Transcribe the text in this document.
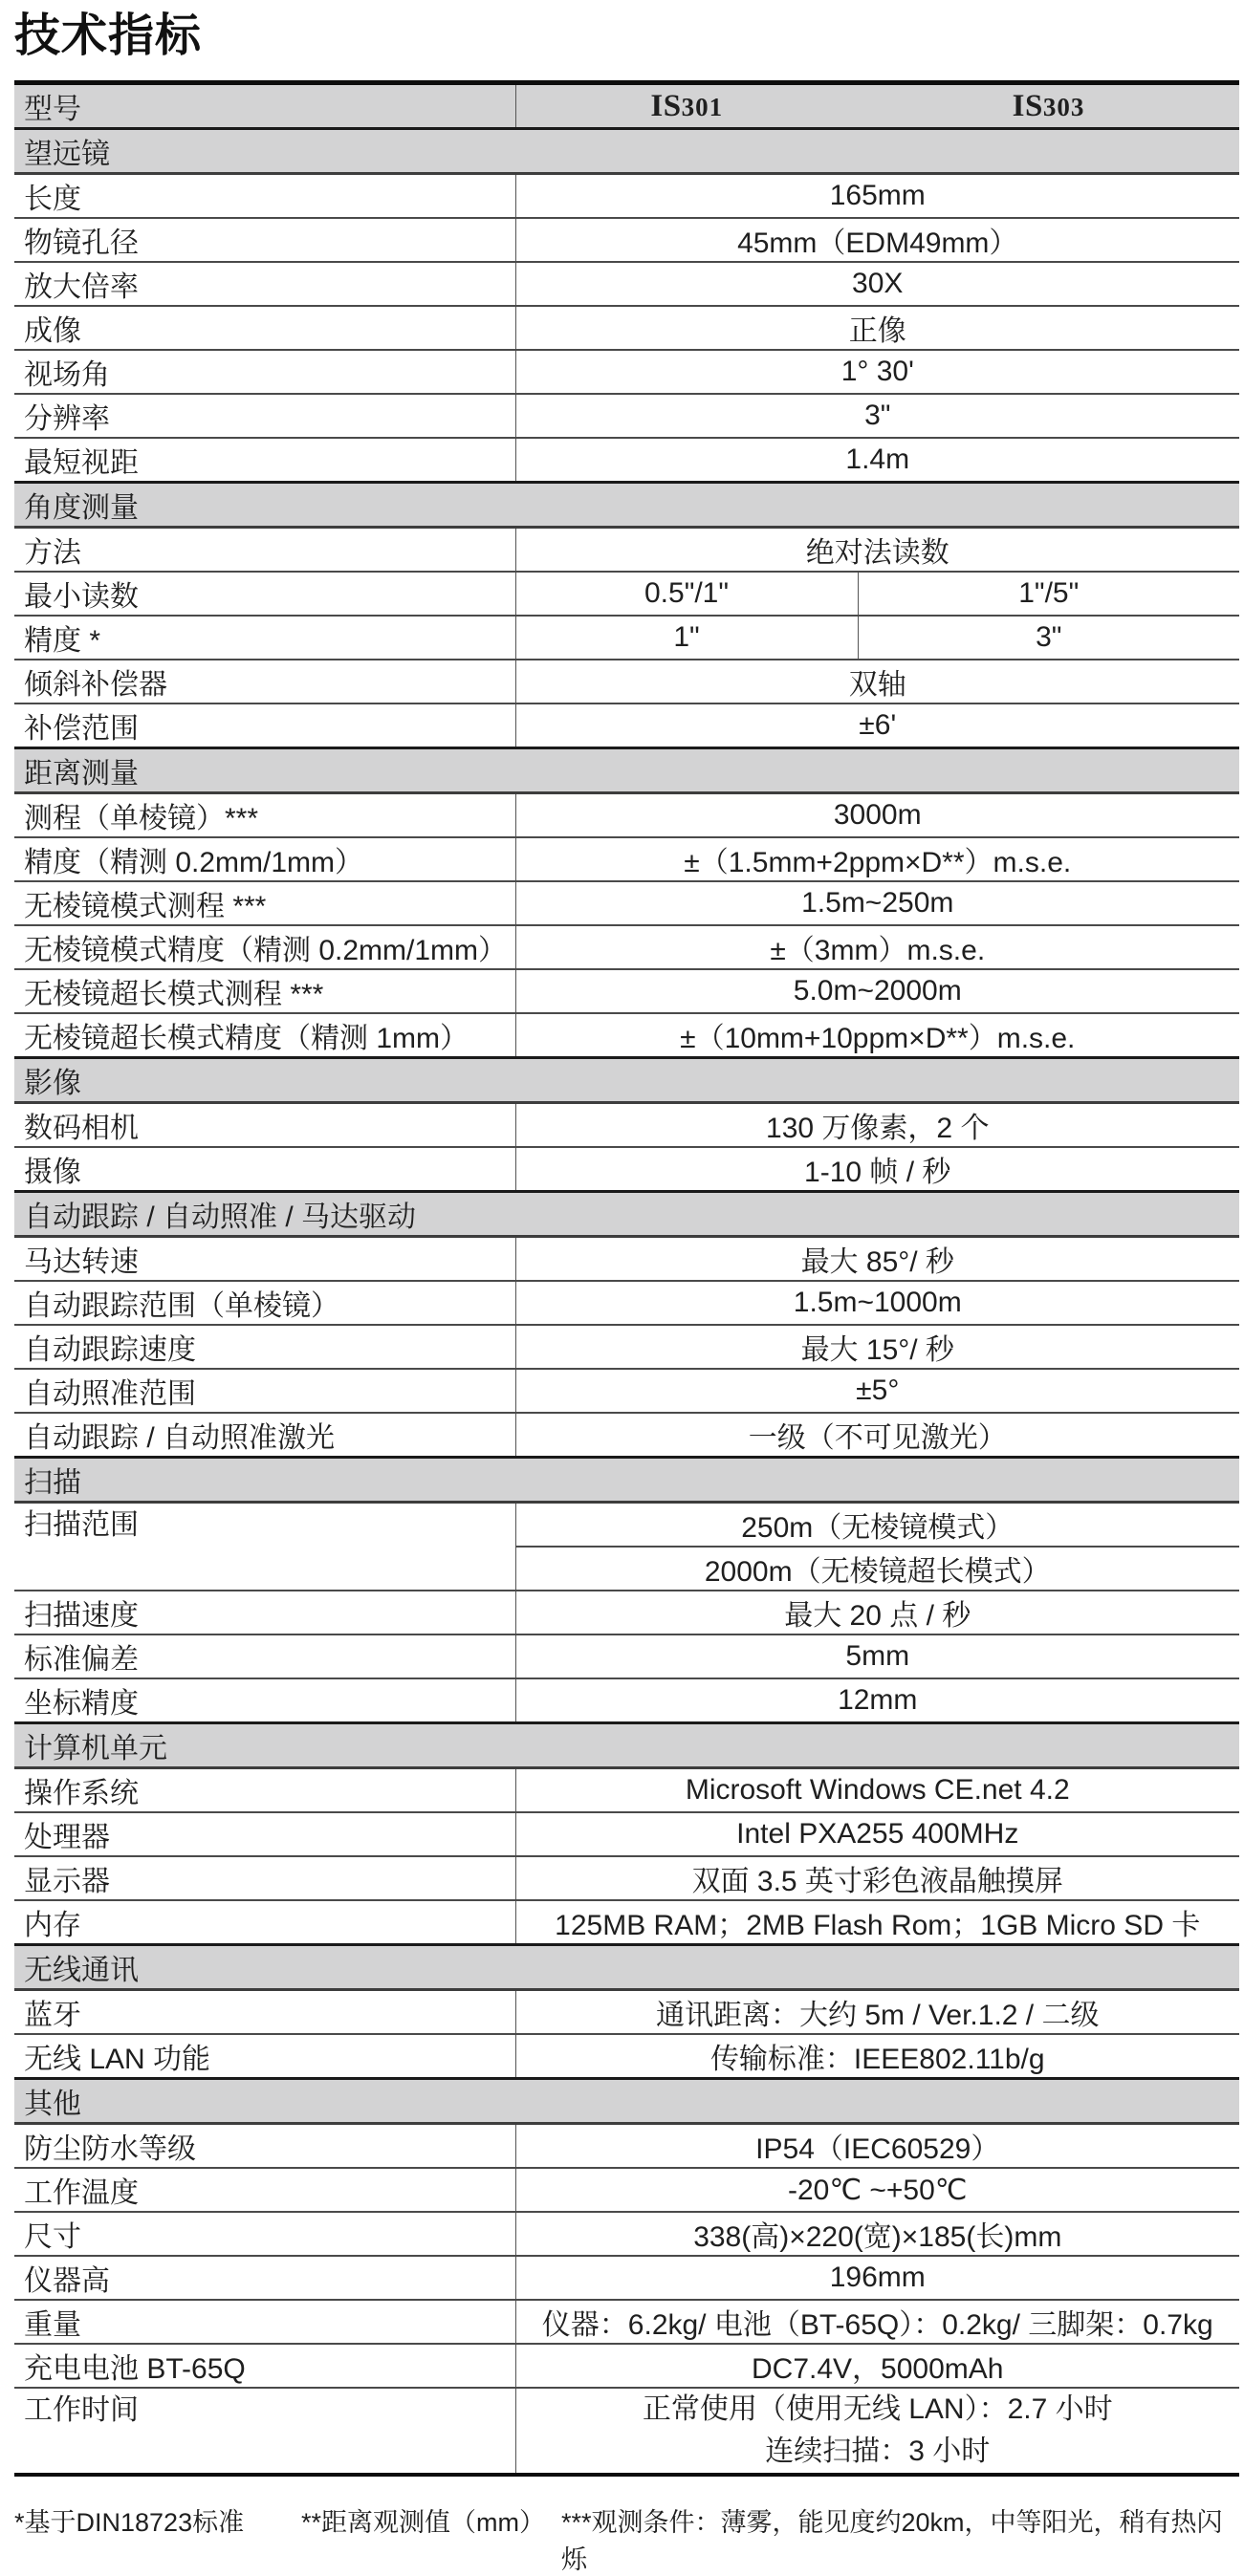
技术指标
型号	IS301	IS303
望远镜		
长度	165mm	
物镜孔径	45mm（EDM49mm）	
放大倍率	30X	
成像	正像	
视场角	1° 30'	
分辨率	3"	
最短视距	1.4m	
角度测量		
方法	绝对法读数	
最小读数	0.5"/1"	1"/5"
精度 *	1"	3"
倾斜补偿器	双轴	
补偿范围	±6'	
距离测量		
测程（单棱镜）***	3000m	
精度（精测 0.2mm/1mm）	±（1.5mm+2ppm×D**）m.s.e.	
无棱镜模式测程 ***	1.5m~250m	
无棱镜模式精度（精测 0.2mm/1mm）	±（3mm）m.s.e.	
无棱镜超长模式测程 ***	5.0m~2000m	
无棱镜超长模式精度（精测 1mm）	±（10mm+10ppm×D**）m.s.e.	
影像		
数码相机	130 万像素，2 个	
摄像	1-10 帧 / 秒	
自动跟踪 / 自动照准 / 马达驱动		
马达转速	最大 85°/ 秒	
自动跟踪范围（单棱镜）	1.5m~1000m	
自动跟踪速度	最大 15°/ 秒	
自动照准范围	±5°	
自动跟踪 / 自动照准激光	一级（不可见激光）	
扫描		
扫描范围	250m（无棱镜模式）	
	2000m（无棱镜超长模式）	
扫描速度	最大 20 点 / 秒	
标准偏差	5mm	
坐标精度	12mm	
计算机单元		
操作系统	Microsoft Windows CE.net 4.2	
处理器	Intel PXA255 400MHz	
显示器	双面 3.5 英寸彩色液晶触摸屏	
内存	125MB RAM；2MB Flash Rom；1GB Micro SD 卡	
无线通讯		
蓝牙	通讯距离：大约 5m / Ver.1.2 / 二级	
无线 LAN 功能	传输标准：IEEE802.11b/g	
其他		
防尘防水等级	IP54（IEC60529）	
工作温度	-20℃ ~+50℃	
尺寸	338(高)×220(宽)×185(长)mm	
仪器高	196mm	
重量	仪器：6.2kg/ 电池（BT-65Q）：0.2kg/ 三脚架：0.7kg	
充电电池 BT-65Q	DC7.4V，5000mAh	
工作时间	正常使用（使用无线 LAN）：2.7 小时
连续扫描：3 小时	
*基于DIN18723标准	**距离观测值（mm） ***观测条件：薄雾，能见度约20km，中等阳光，稍有热闪烁
